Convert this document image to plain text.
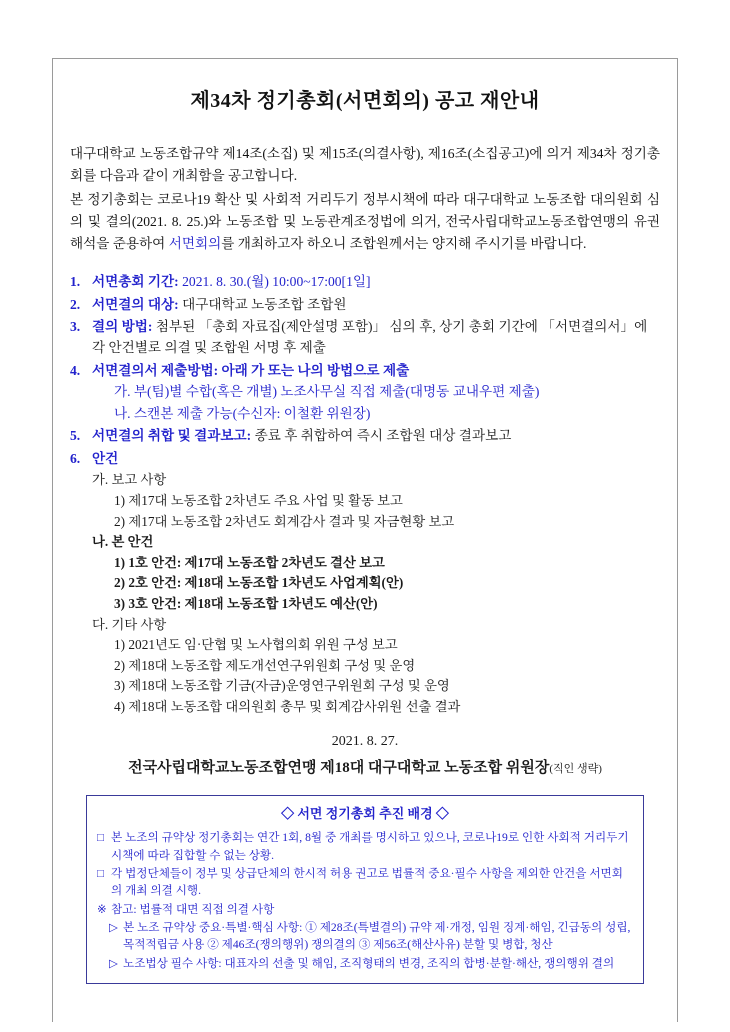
제34차 정기총회(서면회의) 공고 재안내

대구대학교 노동조합규약 제14조(소집) 및 제15조(의결사항), 제16조(소집공고)에 의거 제34차 정기총회를 다음과 같이 개최함을 공고합니다.

본 정기총회는 코로나19 확산 및 사회적 거리두기 정부시책에 따라 대구대학교 노동조합 대의원회 심의 및 결의(2021. 8. 25.)와 노동조합 및 노동관계조정법에 의거, 전국사립대학교노동조합연맹의 유권해석을 준용하여 서면회의를 개최하고자 하오니 조합원께서는 양지해 주시기를 바랍니다.

1. 서면총회 기간: 2021. 8. 30.(월) 10:00~17:00[1일]
2. 서면결의 대상: 대구대학교 노동조합 조합원
3. 결의 방법: 첨부된 「총회 자료집(제안설명 포함)」 심의 후, 상기 총회 기간에 「서면결의서」에 각 안건별로 의결 및 조합원 서명 후 제출
4. 서면결의서 제출방법: 아래 가 또는 나의 방법으로 제출
가. 부(팀)별 수합(혹은 개별) 노조사무실 직접 제출(대명동 교내우편 제출)
나. 스캔본 제출 가능(수신자: 이철환 위원장)
5. 서면결의 취합 및 결과보고: 종료 후 취합하여 즉시 조합원 대상 결과보고
6. 안건
가. 보고 사항
1) 제17대 노동조합 2차년도 주요 사업 및 활동 보고
2) 제17대 노동조합 2차년도 회계감사 결과 및 자금현황 보고
나. 본 안건
1) 1호 안건: 제17대 노동조합 2차년도 결산 보고
2) 2호 안건: 제18대 노동조합 1차년도 사업계획(안)
3) 3호 안건: 제18대 노동조합 1차년도 예산(안)
다. 기타 사항
1) 2021년도 임·단협 및 노사협의회 위원 구성 보고
2) 제18대 노동조합 제도개선연구위원회 구성 및 운영
3) 제18대 노동조합 기금(자금)운영연구위원회 구성 및 운영
4) 제18대 노동조합 대의원회 총무 및 회계감사위원 선출 결과
2021. 8. 27.
전국사립대학교노동조합연맹 제18대 대구대학교 노동조합 위원장(직인 생략)
◇ 서면 정기총회 추진 배경 ◇
□ 본 노조의 규약상 정기총회는 연간 1회, 8월 중 개최를 명시하고 있으나, 코로나19로 인한 사회적 거리두기 시책에 따라 집합할 수 없는 상황.
□ 각 법정단체들이 정부 및 상급단체의 한시적 허용 권고로 법률적 중요·필수 사항을 제외한 안건을 서면회의 개최 의결 시행.
※ 참고: 법률적 대면 직접 의결 사항
▷ 본 노조 규약상 중요·특별·핵심 사항: ① 제28조(특별결의) 규약 제·개정, 임원 징계·해임, 긴급동의 성립, 목적적립금 사용 ② 제46조(쟁의행위) 쟁의결의 ③ 제56조(해산사유) 분할 및 병합, 청산
▷ 노조법상 필수 사항: 대표자의 선출 및 해임, 조직형태의 변경, 조직의 합병·분할·해산, 쟁의행위 결의
